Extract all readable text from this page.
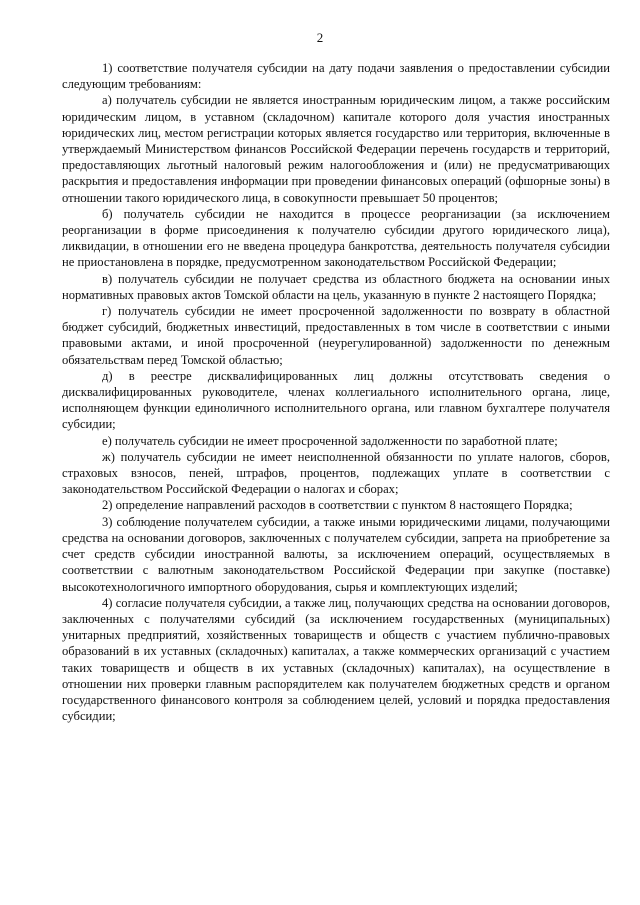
2

1) соответствие получателя субсидии на дату подачи заявления о предоставлении субсидии следующим требованиям:

а) получатель субсидии не является иностранным юридическим лицом, а также российским юридическим лицом, в уставном (складочном) капитале которого доля участия иностранных юридических лиц, местом регистрации которых является государство или территория, включенные в утверждаемый Министерством финансов Российской Федерации перечень государств и территорий, предоставляющих льготный налоговый режим налогообложения и (или) не предусматривающих раскрытия и предоставления информации при проведении финансовых операций (офшорные зоны) в отношении такого юридического лица, в совокупности превышает 50 процентов;

б) получатель субсидии не находится в процессе реорганизации (за исключением реорганизации в форме присоединения к получателю субсидии другого юридического лица), ликвидации, в отношении его не введена процедура банкротства, деятельность получателя субсидии не приостановлена в порядке, предусмотренном законодательством Российской Федерации;

в) получатель субсидии не получает средства из областного бюджета на основании иных нормативных правовых актов Томской области на цель, указанную в пункте 2 настоящего Порядка;

г) получатель субсидии не имеет просроченной задолженности по возврату в областной бюджет субсидий, бюджетных инвестиций, предоставленных в том числе в соответствии с иными правовыми актами, и иной просроченной (неурегулированной) задолженности по денежным обязательствам перед Томской областью;

д) в реестре дисквалифицированных лиц должны отсутствовать сведения о дисквалифицированных руководителе, членах коллегиального исполнительного органа, лице, исполняющем функции единоличного исполнительного органа, или главном бухгалтере получателя субсидии;

е) получатель субсидии не имеет просроченной задолженности по заработной плате;

ж) получатель субсидии не имеет неисполненной обязанности по уплате налогов, сборов, страховых взносов, пеней, штрафов, процентов, подлежащих уплате в соответствии с законодательством Российской Федерации о налогах и сборах;

2) определение направлений расходов в соответствии с пунктом 8 настоящего Порядка;

3) соблюдение получателем субсидии, а также иными юридическими лицами, получающими средства на основании договоров, заключенных с получателем субсидии, запрета на приобретение за счет средств субсидии иностранной валюты, за исключением операций, осуществляемых в соответствии с валютным законодательством Российской Федерации при закупке (поставке) высокотехнологичного импортного оборудования, сырья и комплектующих изделий;

4) согласие получателя субсидии, а также лиц, получающих средства на основании договоров, заключенных с получателями субсидий (за исключением государственных (муниципальных) унитарных предприятий, хозяйственных товариществ и обществ с участием публично-правовых образований в их уставных (складочных) капиталах, а также коммерческих организаций с участием таких товариществ и обществ в их уставных (складочных) капиталах), на осуществление в отношении них проверки главным распорядителем как получателем бюджетных средств и органом государственного финансового контроля за соблюдением целей, условий и порядка предоставления субсидии;
